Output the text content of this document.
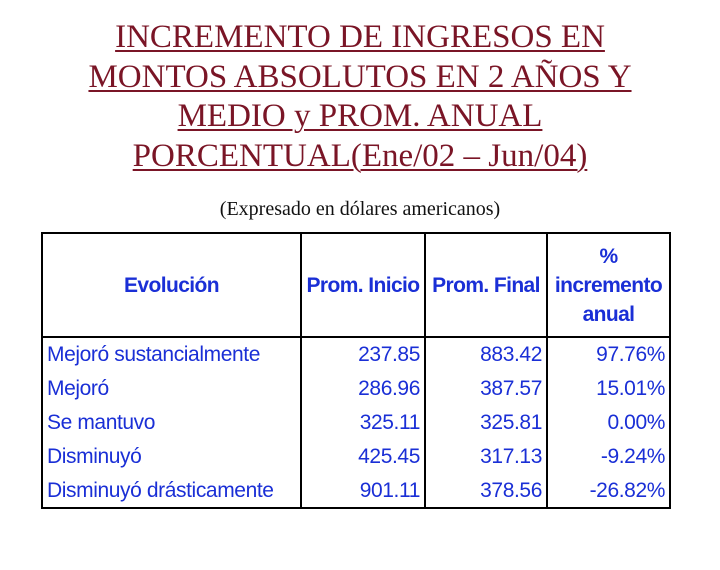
INCREMENTO DE INGRESOS EN
MONTOS ABSOLUTOS EN 2 AÑOS Y
MEDIO y PROM. ANUAL
PORCENTUAL(Ene/02 – Jun/04)
(Expresado en dólares americanos)
Evolución	Prom. Inicio	Prom. Final	%
incremento
anual

Mejoró sustancialmente	237.85	883.42	97.76%
Mejoró	286.96	387.57	15.01%
Se mantuvo	325.11	325.81	0.00%
Disminuyó	425.45	317.13	-9.24%
Disminuyó drásticamente	901.11	378.56	-26.82%
